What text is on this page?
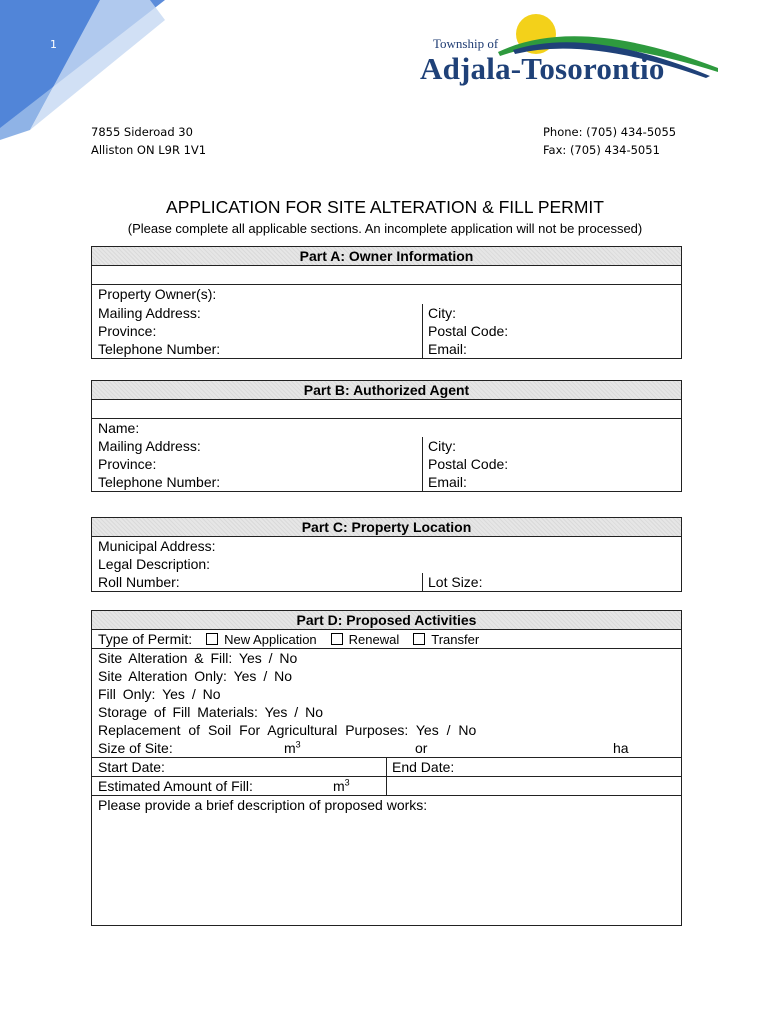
1	Township of
Adjala-Tosorontio
7855 Sideroad 30
Alliston ON L9R 1V1
Phone: (705) 434-5055
Fax: (705) 434-5051
APPLICATION FOR SITE ALTERATION & FILL PERMIT
(Please complete all applicable sections. An incomplete application will not be processed)
Part A: Owner Information
Property Owner(s):
Mailing Address:	City:
Province:	Postal Code:
Telephone Number:	Email:
Part B: Authorized Agent
Name:
Mailing Address:	City:
Province:	Postal Code:
Telephone Number:	Email:
Part C: Property Location
Municipal Address:
Legal Description:
Roll Number:	Lot Size:
Part D: Proposed Activities
Type of Permit: New Application Renewal Transfer
Site Alteration & Fill: Yes / No
Site Alteration Only: Yes / No
Fill Only: Yes / No
Storage of Fill Materials: Yes / No
Replacement of Soil For Agricultural Purposes: Yes / No
Size of Site:	$m^3$	or	ha
Start Date:	End Date:
Estimated Amount of Fill:	$m^3$
Please provide a brief description of proposed works:
